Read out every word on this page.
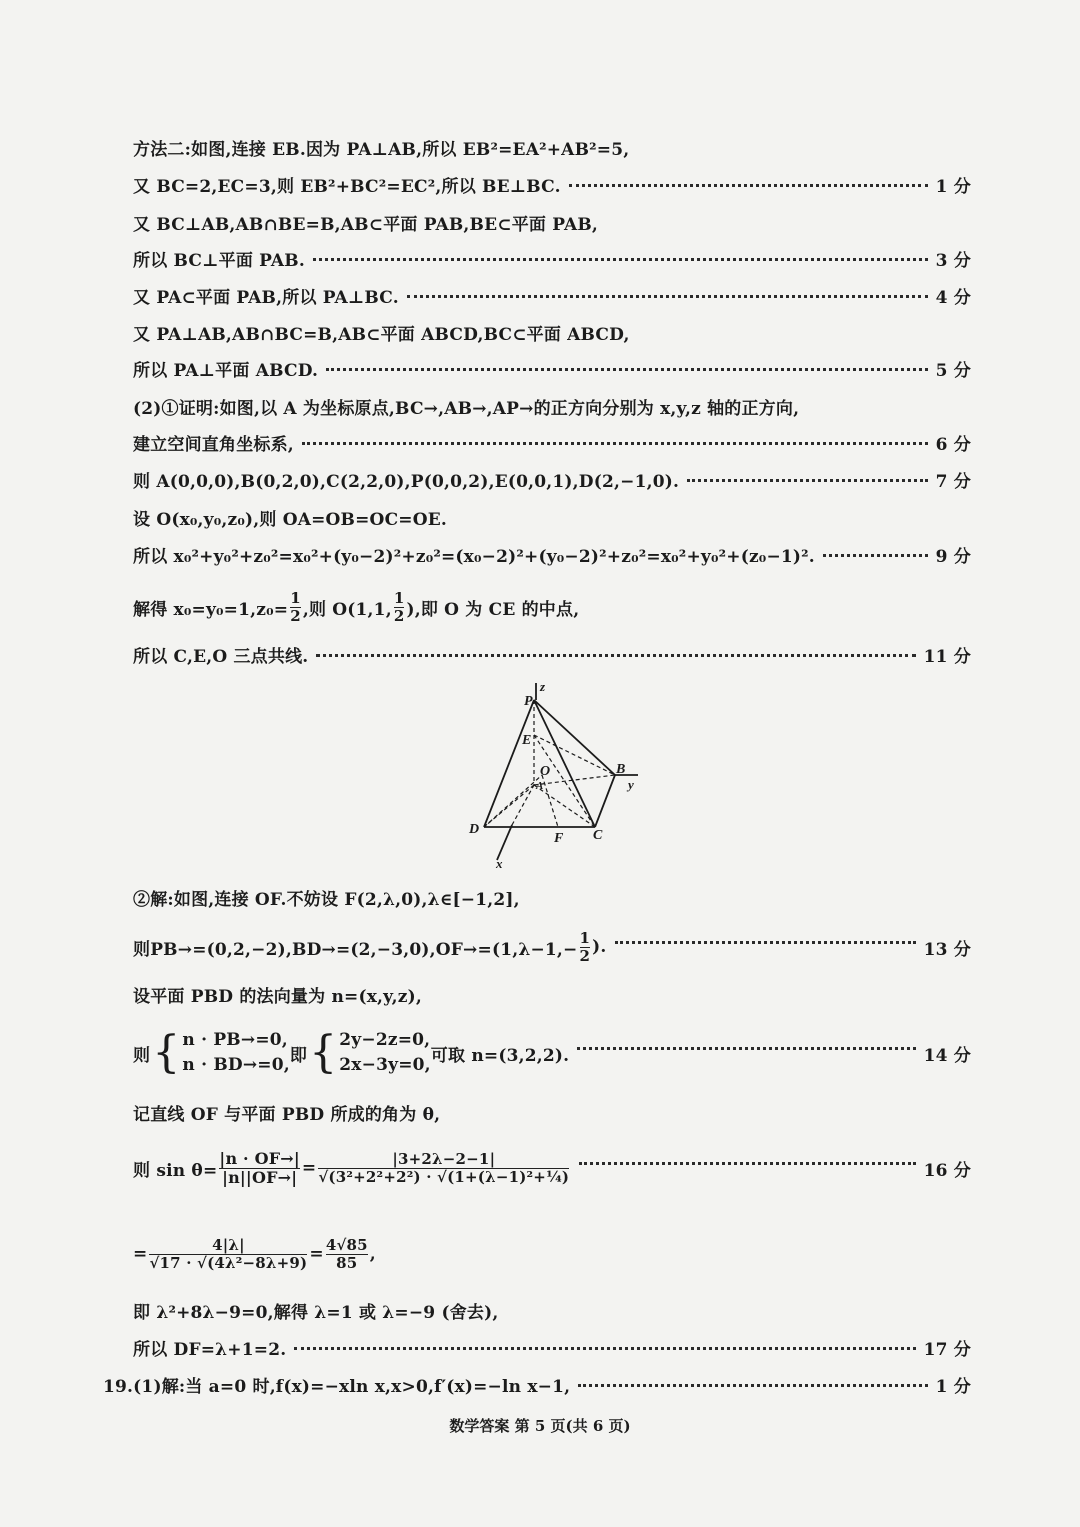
方法二:如图,连接 EB.因为 PA⊥AB,所以 EB²=EA²+AB²=5,
又 BC=2,EC=3,则 EB²+BC²=EC²,所以 BE⊥BC.	1 分
又 BC⊥AB,AB∩BE=B,AB⊂平面 PAB,BE⊂平面 PAB,
所以 BC⊥平面 PAB.	3 分
又 PA⊂平面 PAB,所以 PA⊥BC.	4 分
又 PA⊥AB,AB∩BC=B,AB⊂平面 ABCD,BC⊂平面 ABCD,
所以 PA⊥平面 ABCD.	5 分
(2)①证明:如图,以 A 为坐标原点,BC→,AB→,AP→的正方向分别为 x,y,z 轴的正方向,
建立空间直角坐标系,	6 分
则 A(0,0,0),B(0,2,0),C(2,2,0),P(0,0,2),E(0,0,1),D(2,−1,0).	7 分
设 O(x₀,y₀,z₀),则 OA=OB=OC=OE.
所以 x₀²+y₀²+z₀²=x₀²+(y₀−2)²+z₀²=(x₀−2)²+(y₀−2)²+z₀²=x₀²+y₀²+(z₀−1)².	9 分
解得 $x_0=y_0=1,z_0= \frac{1}{2}$ ,则 O(1,1, $\frac{1}{2}$ ),即 O 为 CE 的中点,
所以 C,E,O 三点共线.	11 分
P
z
E
O
A
B
y
D
F C
x
②解:如图,连接 OF.不妨设 F(2,λ,0),λ∈[−1,2],
则$PB\to=(0,2,-2),BD\to=(2,-3,0),OF\to=(1,\lambda-1,- \frac{1}{2}$ ).	13 分
设平面 PBD 的法向量为 n=(x,y,z),
则 { n · PB→=0,
n · BD→=0, 即 { 2y−2z=0,
2x−3y=0, 可取 n=(3,2,2).	14 分
记直线 OF 与平面 PBD 所成的角为 θ,
则 $\sin \theta= \frac{|n \cdot OF\to|}{|n||OF\to|} = \frac{|3+2\lambda-2-1|}{\text{√(3²+2²+2²) · √(1+(λ−1)²+¼)}}$	16 分
= $\frac{4|\lambda|}{\text{√17 · √(4λ²−8λ+9)}} = \frac{4√85}{85}$ ,
即 λ²+8λ−9=0,解得 λ=1 或 λ=−9 (舍去),
所以 DF=λ+1=2.	17 分
19.(1)解:当 a=0 时,f(x)=−xln x,x>0,f′(x)=−ln x−1,	1 分
数学答案 第 5 页(共 6 页)
